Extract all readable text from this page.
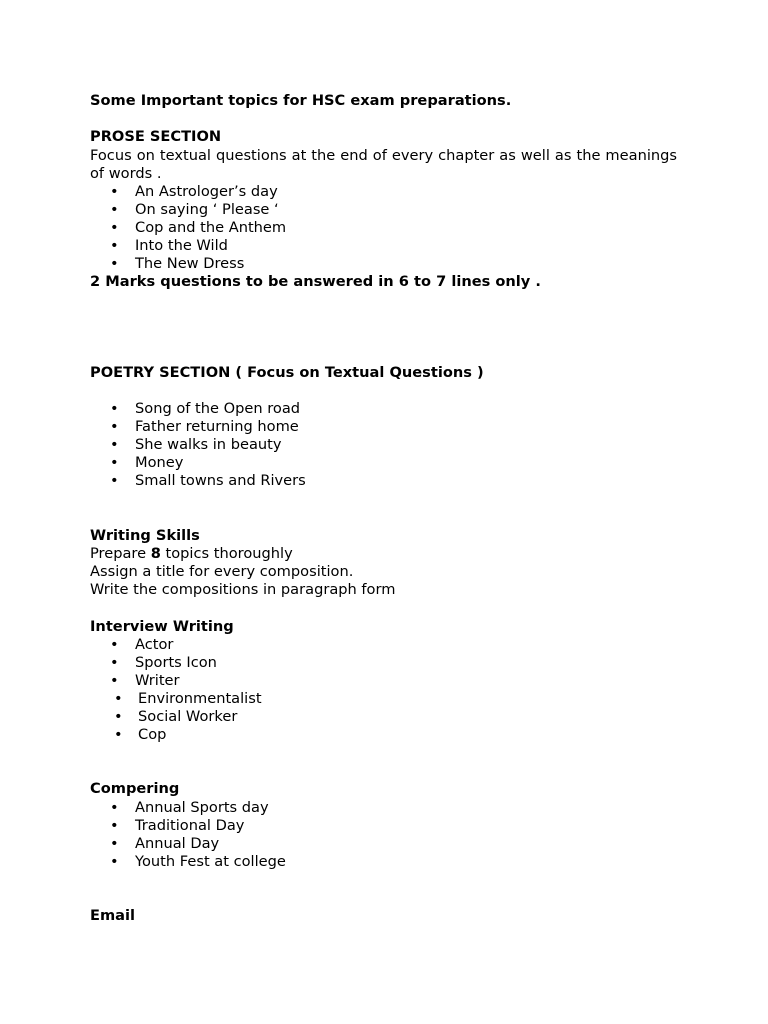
Some Important topics for HSC exam preparations.
PROSE SECTION
Focus on textual questions at the end of every chapter as well as the meanings of words .
• An Astrologer’s day
• On saying ‘ Please ‘
• Cop and the Anthem
• Into the Wild
• The New Dress
2 Marks questions to be answered in 6 to 7 lines only .
POETRY SECTION ( Focus on Textual Questions )
• Song of the Open road
• Father returning home
• She walks in beauty
• Money
• Small towns and Rivers
Writing Skills
Prepare 8 topics thoroughly
Assign a title for every composition.
Write the compositions in paragraph form
Interview Writing
• Actor
• Sports Icon
• Writer
• Environmentalist
• Social Worker
• Cop
Compering
• Annual Sports day
• Traditional Day
• Annual Day
• Youth Fest at college
Email
